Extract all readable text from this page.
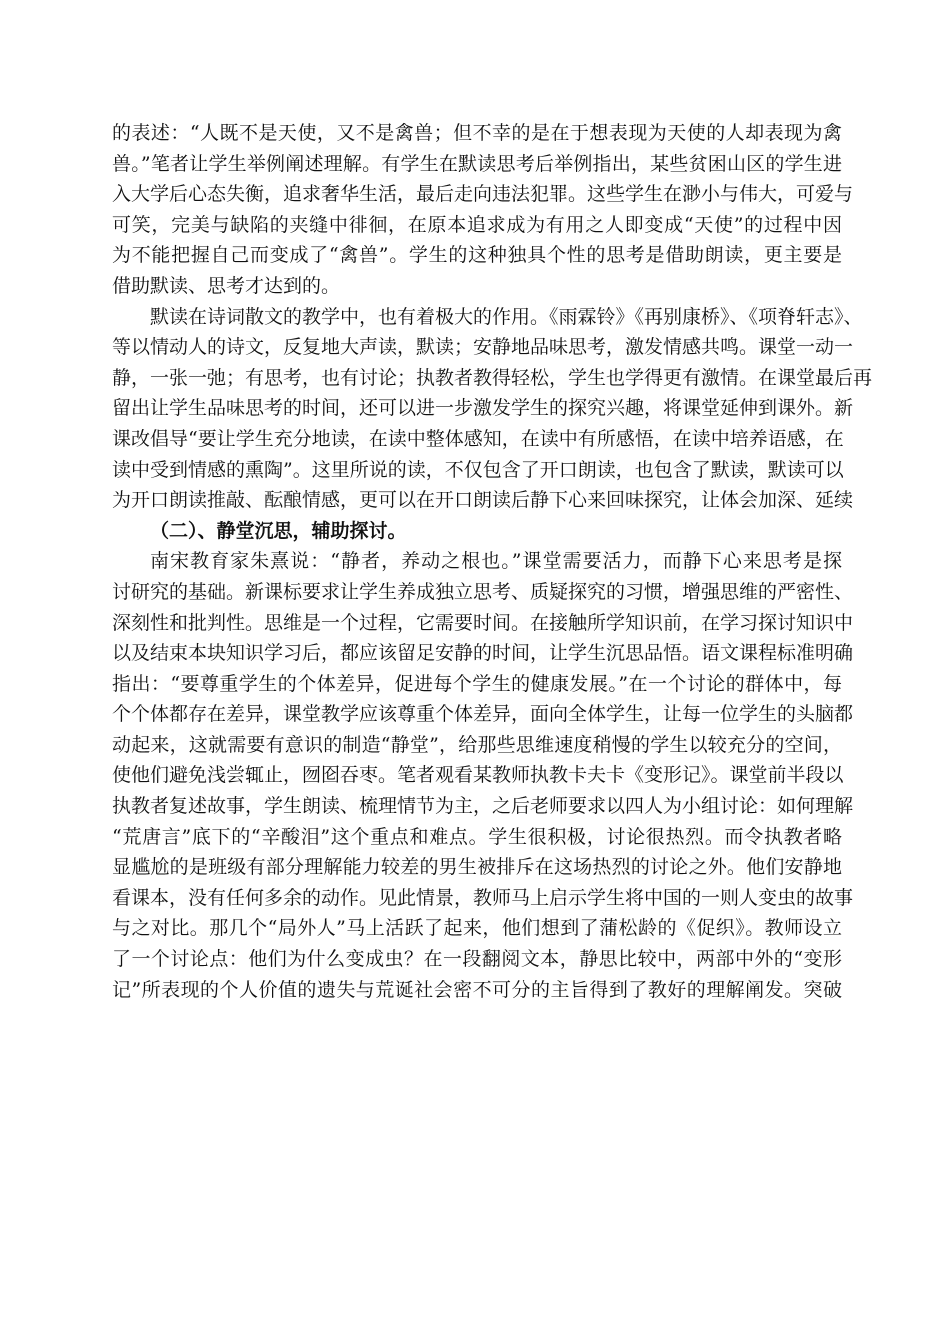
的表述：“人既不是天使，又不是禽兽；但不幸的是在于想表现为天使的人却表现为禽
兽。”笔者让学生举例阐述理解。有学生在默读思考后举例指出，某些贫困山区的学生进
入大学后心态失衡，追求奢华生活，最后走向违法犯罪。这些学生在渺小与伟大，可爱与
可笑，完美与缺陷的夹缝中徘徊，在原本追求成为有用之人即变成“天使”的过程中因
为不能把握自己而变成了“禽兽”。学生的这种独具个性的思考是借助朗读，更主要是
借助默读、思考才达到的。
默读在诗词散文的教学中，也有着极大的作用。《雨霖铃》《再别康桥》、《项脊轩志》、
等以情动人的诗文，反复地大声读，默读；安静地品味思考，激发情感共鸣。课堂一动一
静，一张一弛；有思考，也有讨论；执教者教得轻松，学生也学得更有激情。在课堂最后再
留出让学生品味思考的时间，还可以进一步激发学生的探究兴趣，将课堂延伸到课外。新
课改倡导“要让学生充分地读，在读中整体感知，在读中有所感悟，在读中培养语感，在
读中受到情感的熏陶”。这里所说的读，不仅包含了开口朗读，也包含了默读，默读可以
为开口朗读推敲、酝酿情感，更可以在开口朗读后静下心来回味探究，让体会加深、延续
（二）、静堂沉思，辅助探讨。
南宋教育家朱熹说：“静者，养动之根也。”课堂需要活力，而静下心来思考是探
讨研究的基础。新课标要求让学生养成独立思考、质疑探究的习惯，增强思维的严密性、
深刻性和批判性。思维是一个过程，它需要时间。在接触所学知识前，在学习探讨知识中
以及结束本块知识学习后，都应该留足安静的时间，让学生沉思品悟。语文课程标准明确
指出：“要尊重学生的个体差异，促进每个学生的健康发展。”在一个讨论的群体中，每
个个体都存在差异，课堂教学应该尊重个体差异，面向全体学生，让每一位学生的头脑都
动起来，这就需要有意识的制造“静堂”，给那些思维速度稍慢的学生以较充分的空间，
使他们避免浅尝辄止，囫囵吞枣。笔者观看某教师执教卡夫卡《变形记》。课堂前半段以
执教者复述故事，学生朗读、梳理情节为主，之后老师要求以四人为小组讨论：如何理解
“荒唐言”底下的“辛酸泪”这个重点和难点。学生很积极，讨论很热烈。而令执教者略
显尴尬的是班级有部分理解能力较差的男生被排斥在这场热烈的讨论之外。他们安静地
看课本，没有任何多余的动作。见此情景，教师马上启示学生将中国的一则人变虫的故事
与之对比。那几个“局外人”马上活跃了起来，他们想到了蒲松龄的《促织》。教师设立
了一个讨论点：他们为什么变成虫？在一段翻阅文本，静思比较中，两部中外的“变形
记”所表现的个人价值的遗失与荒诞社会密不可分的主旨得到了教好的理解阐发。突破
